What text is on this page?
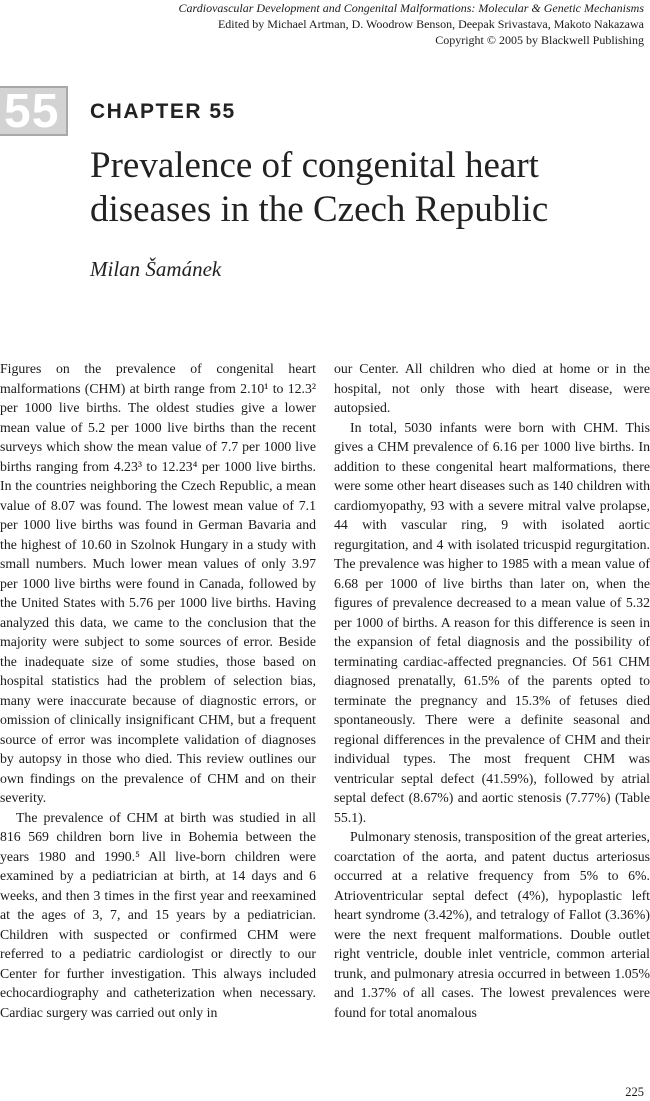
Cardiovascular Development and Congenital Malformations: Molecular & Genetic Mechanisms
Edited by Michael Artman, D. Woodrow Benson, Deepak Srivastava, Makoto Nakazawa
Copyright © 2005 by Blackwell Publishing
55 CHAPTER 55
Prevalence of congenital heart diseases in the Czech Republic
Milan Šamánek

Figures on the prevalence of congenital heart malformations (CHM) at birth range from 2.10¹ to 12.3² per 1000 live births. The oldest studies give a lower mean value of 5.2 per 1000 live births than the recent surveys which show the mean value of 7.7 per 1000 live births ranging from 4.23³ to 12.23⁴ per 1000 live births. In the countries neighboring the Czech Republic, a mean value of 8.07 was found. The lowest mean value of 7.1 per 1000 live births was found in German Bavaria and the highest of 10.60 in Szolnok Hungary in a study with small numbers. Much lower mean values of only 3.97 per 1000 live births were found in Canada, followed by the United States with 5.76 per 1000 live births. Having analyzed this data, we came to the conclusion that the majority were subject to some sources of error. Beside the inadequate size of some studies, those based on hospital statistics had the problem of selection bias, many were inaccurate because of diagnostic errors, or omission of clinically insignificant CHM, but a frequent source of error was incomplete validation of diagnoses by autopsy in those who died. This review outlines our own findings on the prevalence of CHM and on their severity.

The prevalence of CHM at birth was studied in all 816 569 children born live in Bohemia between the years 1980 and 1990.⁵ All live-born children were examined by a pediatrician at birth, at 14 days and 6 weeks, and then 3 times in the first year and reexamined at the ages of 3, 7, and 15 years by a pediatrician. Children with suspected or confirmed CHM were referred to a pediatric cardiologist or directly to our Center for further investigation. This always included echocardiography and catheterization when necessary. Cardiac surgery was carried out only in

our Center. All children who died at home or in the hospital, not only those with heart disease, were autopsied.

In total, 5030 infants were born with CHM. This gives a CHM prevalence of 6.16 per 1000 live births. In addition to these congenital heart malformations, there were some other heart diseases such as 140 children with cardiomyopathy, 93 with a severe mitral valve prolapse, 44 with vascular ring, 9 with isolated aortic regurgitation, and 4 with isolated tricuspid regurgitation. The prevalence was higher to 1985 with a mean value of 6.68 per 1000 of live births than later on, when the figures of prevalence decreased to a mean value of 5.32 per 1000 of births. A reason for this difference is seen in the expansion of fetal diagnosis and the possibility of terminating cardiac-affected pregnancies. Of 561 CHM diagnosed prenatally, 61.5% of the parents opted to terminate the pregnancy and 15.3% of fetuses died spontaneously. There were a definite seasonal and regional differences in the prevalence of CHM and their individual types. The most frequent CHM was ventricular septal defect (41.59%), followed by atrial septal defect (8.67%) and aortic stenosis (7.77%) (Table 55.1).

Pulmonary stenosis, transposition of the great arteries, coarctation of the aorta, and patent ductus arteriosus occurred at a relative frequency from 5% to 6%. Atrioventricular septal defect (4%), hypoplastic left heart syndrome (3.42%), and tetralogy of Fallot (3.36%) were the next frequent malformations. Double outlet right ventricle, double inlet ventricle, common arterial trunk, and pulmonary atresia occurred in between 1.05% and 1.37% of all cases. The lowest prevalences were found for total anomalous

225
